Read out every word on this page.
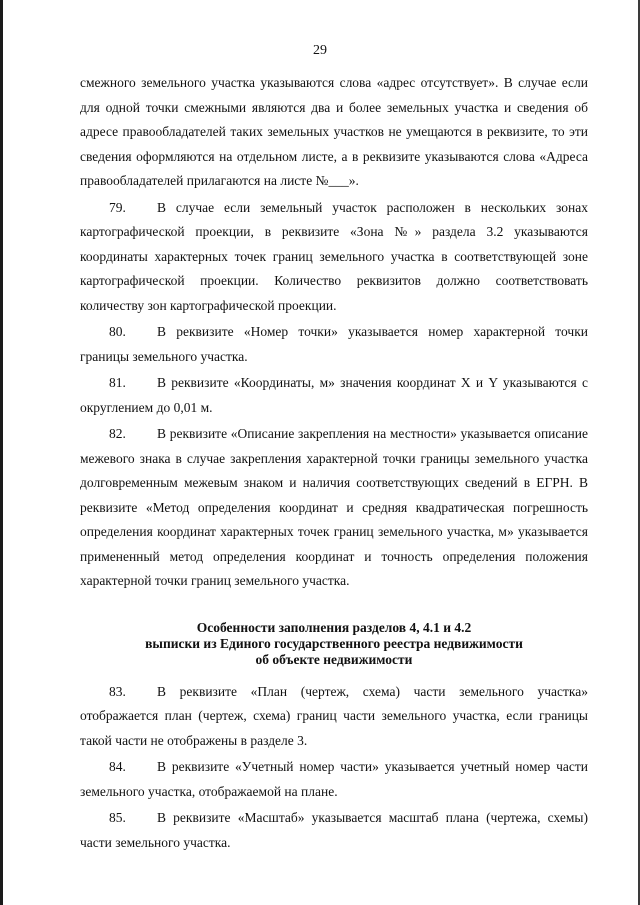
29

смежного земельного участка указываются слова «адрес отсутствует». В случае если для одной точки смежными являются два и более земельных участка и сведения об адресе правообладателей таких земельных участков не умещаются в реквизите, то эти сведения оформляются на отдельном листе, а в реквизите указываются слова «Адреса правообладателей прилагаются на листе №___».

79. В случае если земельный участок расположен в нескольких зонах картографической проекции, в реквизите «Зона №» раздела 3.2 указываются координаты характерных точек границ земельного участка в соответствующей зоне картографической проекции. Количество реквизитов должно соответствовать количеству зон картографической проекции.

80. В реквизите «Номер точки» указывается номер характерной точки границы земельного участка.

81. В реквизите «Координаты, м» значения координат X и Y указываются с округлением до 0,01 м.

82. В реквизите «Описание закрепления на местности» указывается описание межевого знака в случае закрепления характерной точки границы земельного участка долговременным межевым знаком и наличия соответствующих сведений в ЕГРН. В реквизите «Метод определения координат и средняя квадратическая погрешность определения координат характерных точек границ земельного участка, м» указывается примененный метод определения координат и точность определения положения характерной точки границ земельного участка.

Особенности заполнения разделов 4, 4.1 и 4.2
выписки из Единого государственного реестра недвижимости
об объекте недвижимости

83. В реквизите «План (чертеж, схема) части земельного участка» отображается план (чертеж, схема) границ части земельного участка, если границы такой части не отображены в разделе 3.

84. В реквизите «Учетный номер части» указывается учетный номер части земельного участка, отображаемой на плане.

85. В реквизите «Масштаб» указывается масштаб плана (чертежа, схемы) части земельного участка.
